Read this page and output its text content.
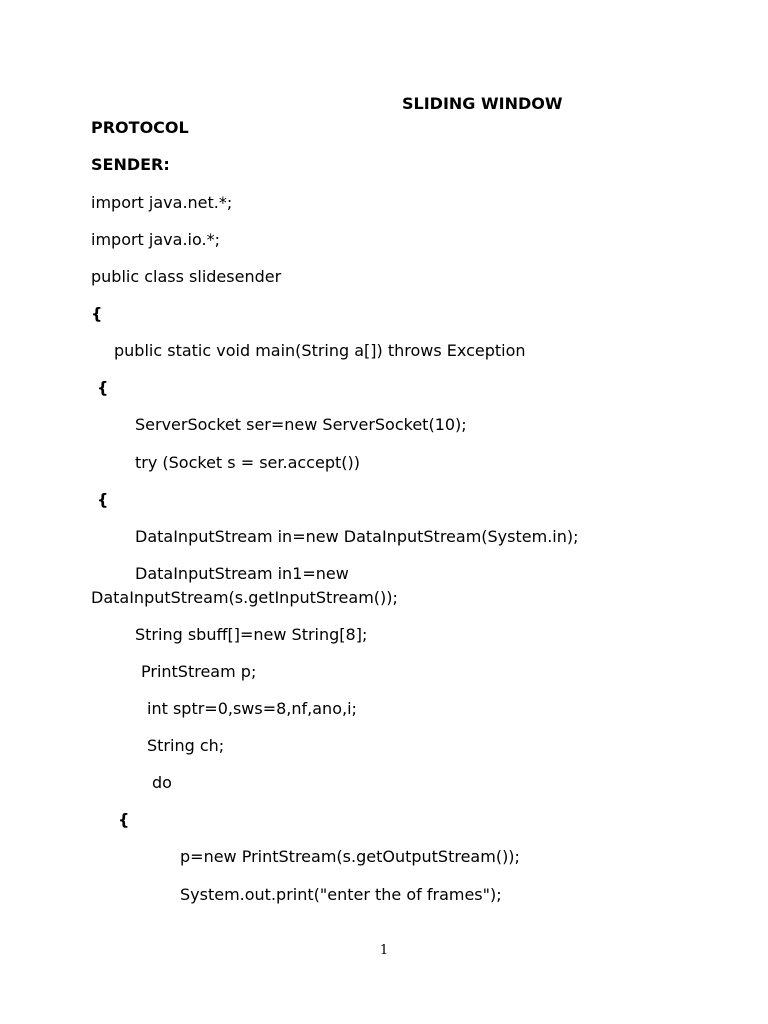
SLIDING WINDOW
PROTOCOL
SENDER:
import java.net.*;
import java.io.*;
public class slidesender
{
public static void main(String a[]) throws Exception
{
ServerSocket ser=new ServerSocket(10);
try (Socket s = ser.accept())
{
DataInputStream in=new DataInputStream(System.in);
DataInputStream in1=new
DataInputStream(s.getInputStream());
String sbuff[]=new String[8];
PrintStream p;
int sptr=0,sws=8,nf,ano,i;
String ch;
do
{
p=new PrintStream(s.getOutputStream());
System.out.print("enter the of frames");
1
